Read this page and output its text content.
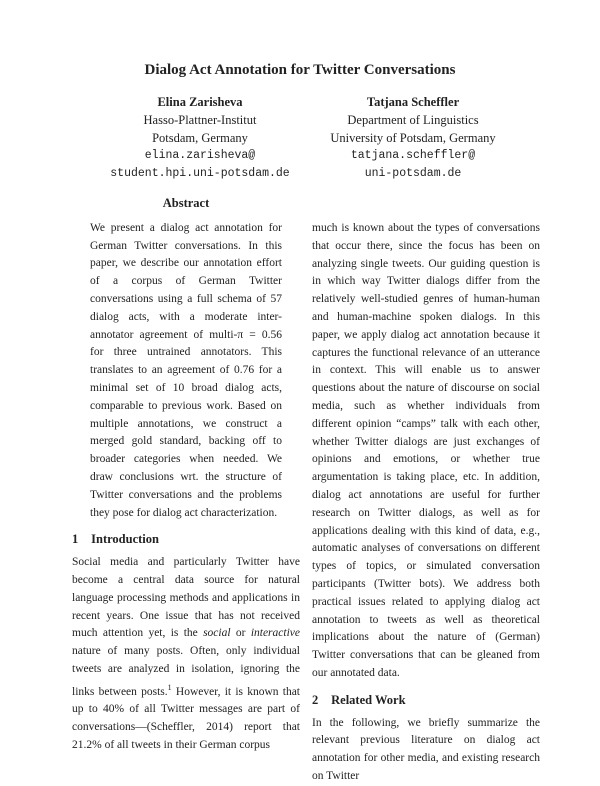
Dialog Act Annotation for Twitter Conversations
Elina Zarisheva
Hasso-Plattner-Institut
Potsdam, Germany
elina.zarisheva@
student.hpi.uni-potsdam.de
Tatjana Scheffler
Department of Linguistics
University of Potsdam, Germany
tatjana.scheffler@
uni-potsdam.de
Abstract
We present a dialog act annotation for German Twitter conversations. In this paper, we describe our annotation effort of a corpus of German Twitter conversations using a full schema of 57 dialog acts, with a moderate inter-annotator agreement of multi-π = 0.56 for three untrained annotators. This translates to an agreement of 0.76 for a minimal set of 10 broad dialog acts, comparable to previous work. Based on multiple annotations, we construct a merged gold standard, backing off to broader categories when needed. We draw conclusions wrt. the structure of Twitter conversations and the problems they pose for dialog act characterization.
1 Introduction

Social media and particularly Twitter have become a central data source for natural language processing methods and applications in recent years. One issue that has not received much attention yet, is the social or interactive nature of many posts. Often, only individual tweets are analyzed in isolation, ignoring the links between posts.$^1$ However, it is known that up to 40% of all Twitter messages are part of conversations—(Scheffler, 2014) report that 21.2% of all tweets in their German corpus

much is known about the types of conversations that occur there, since the focus has been on analyzing single tweets. Our guiding question is in which way Twitter dialogs differ from the relatively well-studied genres of human-human and human-machine spoken dialogs. In this paper, we apply dialog act annotation because it captures the functional relevance of an utterance in context. This will enable us to answer questions about the nature of discourse on social media, such as whether individuals from different opinion “camps” talk with each other, whether Twitter dialogs are just exchanges of opinions and emotions, or whether true argumentation is taking place, etc. In addition, dialog act annotations are useful for further research on Twitter dialogs, as well as for applications dealing with this kind of data, e.g., automatic analyses of conversations on different types of topics, or simulated conversation participants (Twitter bots). We address both practical issues related to applying dialog act annotation to tweets as well as theoretical implications about the nature of (German) Twitter conversations that can be gleaned from our annotated data.

2 Related Work

In the following, we briefly summarize the relevant previous literature on dialog act annotation for other media, and existing research on Twitter
